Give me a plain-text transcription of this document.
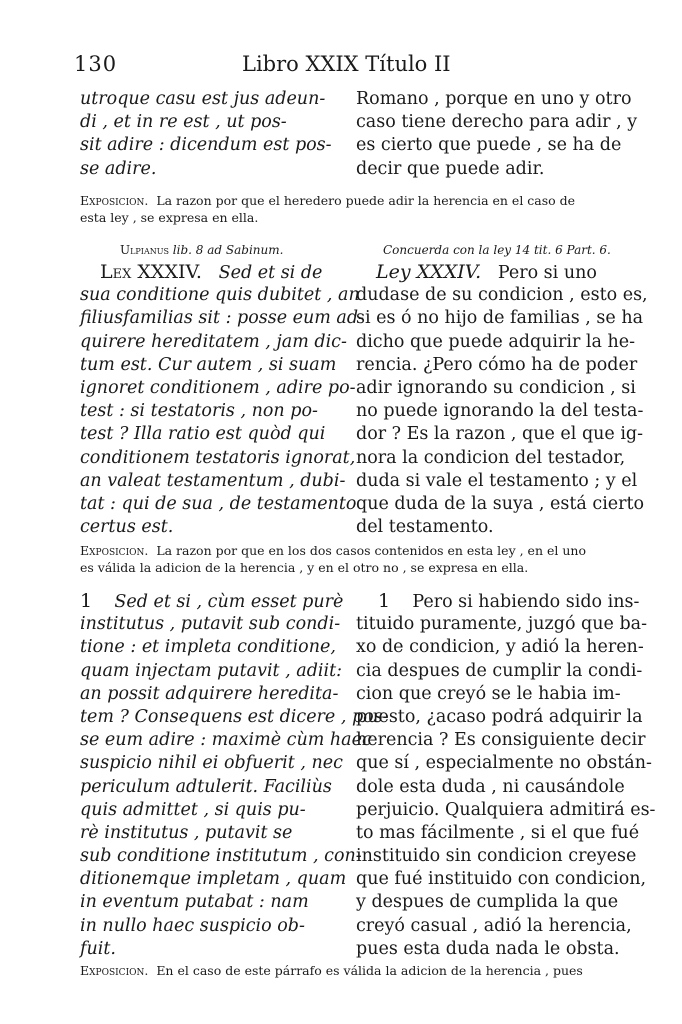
130	Libro XXIX Título II
utroque casu est jus adeun-
di , et in re est , ut pos-
sit adire : dicendum est pos-
se adire.
Romano , porque en uno y otro
caso tiene derecho para adir , y
es cierto que puede , se ha de
decir que puede adir.
Exposicion. La razon por que el heredero puede adir la herencia en el caso de
esta ley , se expresa en ella.
Ulpianus lib. 8 ad Sabinum.	Concuerda con la ley 14 tit. 6 Part. 6.
Lex XXXIV. Sed et si de
sua conditione quis dubitet , an
filiusfamilias sit : posse eum ad-
quirere hereditatem , jam dic-
tum est. Cur autem , si suam
ignoret conditionem , adire po-
test : si testatoris , non po-
test ? Illa ratio est quòd qui
conditionem testatoris ignorat,
an valeat testamentum , dubi-
tat : qui de sua , de testamento
certus est.
Ley XXXIV. Pero si uno
dudase de su condicion , esto es,
si es ó no hijo de familias , se ha
dicho que puede adquirir la he-
rencia. ¿Pero cómo ha de poder
adir ignorando su condicion , si
no puede ignorando la del testa-
dor ? Es la razon , que el que ig-
nora la condicion del testador,
duda si vale el testamento ; y el
que duda de la suya , está cierto
del testamento.
Exposicion. La razon por que en los dos casos contenidos en esta ley , en el uno
es válida la adicion de la herencia , y en el otro no , se expresa en ella.
1 Sed et si , cùm esset purè
institutus , putavit sub condi-
tione : et impleta conditione,
quam injectam putavit , adiit:
an possit adquirere heredita-
tem ? Consequens est dicere , pos-
se eum adire : maximè cùm haec
suspicio nihil ei obfuerit , nec
periculum adtulerit. Faciliùs
quis admittet , si quis pu-
rè institutus , putavit se
sub conditione institutum , con-
ditionemque impletam , quam
in eventum putabat : nam
in nullo haec suspicio ob-
fuit.
1 Pero si habiendo sido ins-
tituido puramente, juzgó que ba-
xo de condicion, y adió la heren-
cia despues de cumplir la condi-
cion que creyó se le habia im-
puesto, ¿acaso podrá adquirir la
herencia ? Es consiguiente decir
que sí , especialmente no obstán-
dole esta duda , ni causándole
perjuicio. Qualquiera admitirá es-
to mas fácilmente , si el que fué
instituido sin condicion creyese
que fué instituido con condicion,
y despues de cumplida la que
creyó casual , adió la herencia,
pues esta duda nada le obsta.
Exposicion. En el caso de este párrafo es válida la adicion de la herencia , pues
